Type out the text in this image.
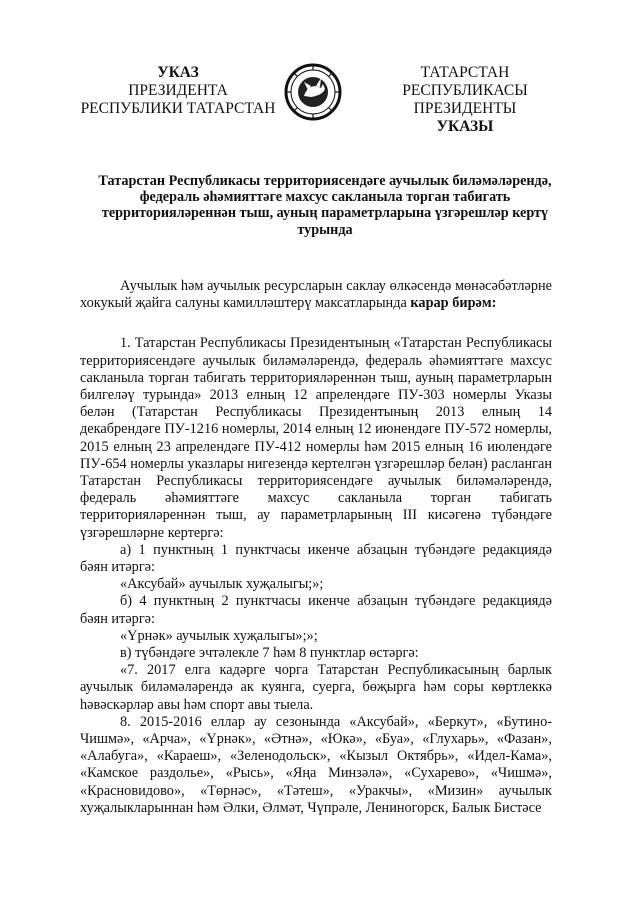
УКАЗ
ПРЕЗИДЕНТА
РЕСПУБЛИКИ ТАТАРСТАН
ТАТАРСТАН РЕСПУБЛИКАСЫ
ПРЕЗИДЕНТЫ
УКАЗЫ
Татарстан Республикасы территориясендәге аучылык биләмәләрендә, федераль әһәмияттәге махсус сакланыла торган табигать территорияләреннән тыш, ауның параметрларына үзгәрешләр кертү турында

Аучылык һәм аучылык ресурсларын саклау өлкәсендә мөнәсәбәтләрне хокукый җайга салуны камилләштерү максатларында карар бирәм:

1. Татарстан Республикасы Президентының «Татарстан Республикасы территориясендәге аучылык биләмәләрендә, федераль әһәмияттәге махсус сакланыла торган табигать территорияләреннән тыш, ауның параметрларын билгеләү турында» 2013 елның 12 апрелендәге ПУ-303 номерлы Указы белән (Татарстан Республикасы Президентының 2013 елның 14 декабрендәге ПУ-1216 номерлы, 2014 елның 12 июнендәге ПУ-572 номерлы, 2015 елның 23 апрелендәге ПУ-412 номерлы һәм 2015 елның 16 июлендәге ПУ-654 номерлы указлары нигезендә кертелгән үзгәрешләр белән) расланган Татарстан Республикасы территориясендәге аучылык биләмәләрендә, федераль әһәмияттәге махсус сакланыла торган табигать территорияләреннән тыш, ау параметрларының III кисәгенә түбәндәге үзгәрешләрне кертергә:

а) 1 пунктның 1 пунктчасы икенче абзацын түбәндәге редакциядә бәян итәргә:

«Аксубай» аучылык хуҗалыгы;»;

б) 4 пунктның 2 пунктчасы икенче абзацын түбәндәге редакциядә бәян итәргә:

«Үрнәк» аучылык хуҗалыгы»;»;

в) түбәндәге эчтәлекле 7 һәм 8 пунктлар өстәргә:

«7. 2017 елга кадәрге чорга Татарстан Республикасының барлык аучылык биләмәләрендә ак куянга, суерга, бөҗырга һәм соры көртлеккә һәвәскәрләр авы һәм спорт авы тыела.

8. 2015-2016 еллар ау сезонында «Аксубай», «Беркут», «Бутино-Чишмә», «Арча», «Үрнәк», «Әтнә», «Юкә», «Буа», «Глухарь», «Фазан», «Алабуга», «Караеш», «Зеленодольск», «Кызыл Октябрь», «Идел-Кама», «Камское раздолье», «Рысь», «Яңа Минзәлә», «Сухарево», «Чишмә», «Красновидово», «Төрнәс», «Тәтеш», «Уракчы», «Мизин» аучылык хуҗалыкларыннан һәм Әлки, Әлмәт, Чүпрәле, Лениногорск, Балык Бистәсе
